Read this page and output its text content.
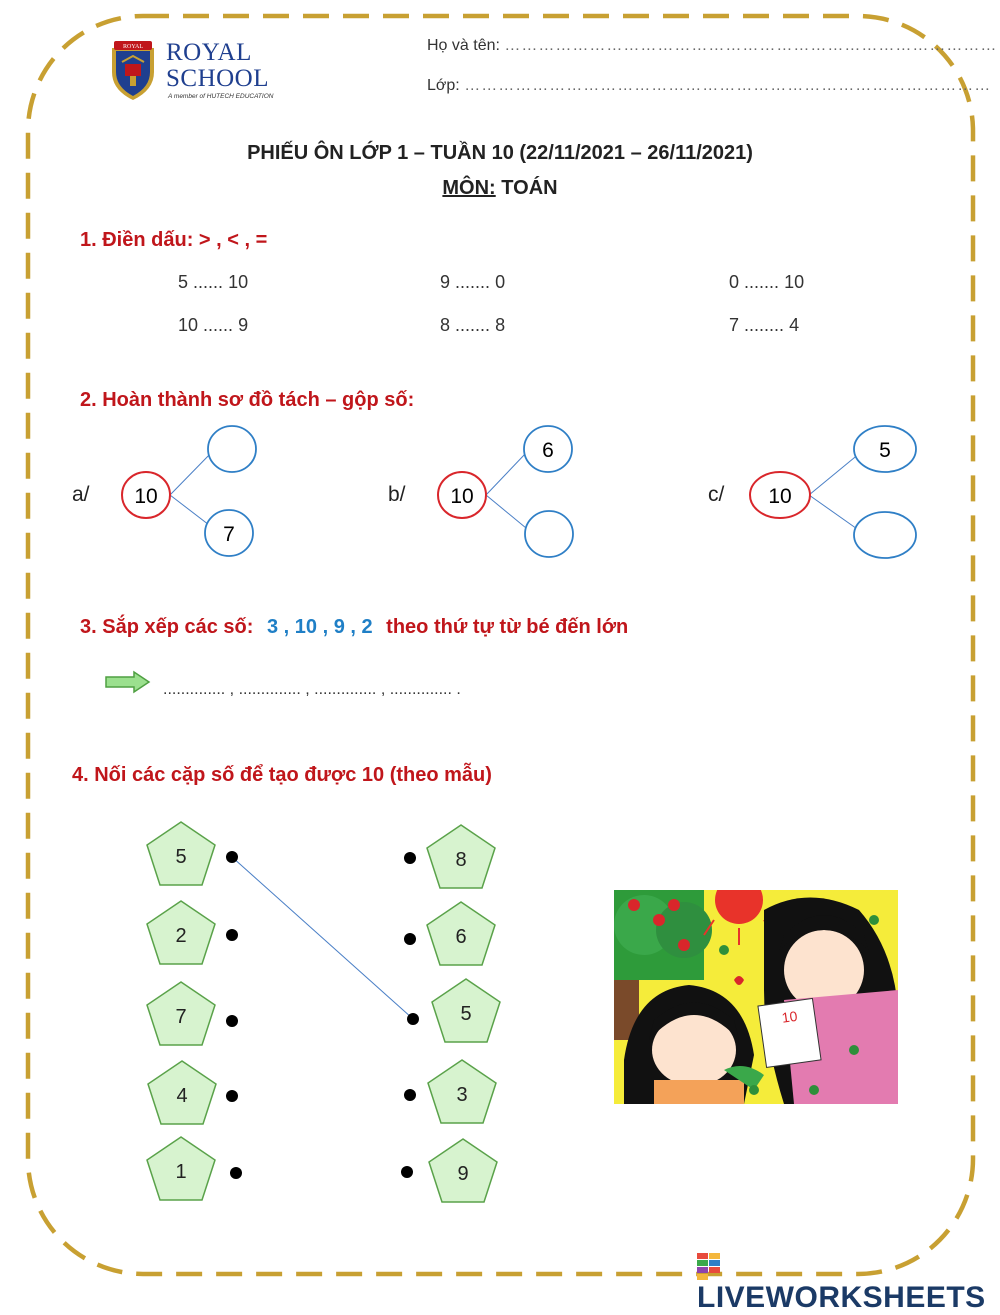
ROYAL ROYAL
SCHOOL
A member of HUTECH EDUCATION
Họ và tên: ……………………………………………………………………………
Lớp: …………………………………………………………………………………
PHIẾU ÔN LỚP 1 – TUẦN 10 (22/11/2021 – 26/11/2021)
MÔN: TOÁN
1. Điền dấu: > , < , =
5 ...... 10	9 ....... 0	0 ....... 10
10 ...... 9	8 ....... 8	7 ........ 4
2. Hoàn thành sơ đồ tách – gộp số:
a/ 10
7
b/ 10
6
c/ 10
5
3. Sắp xếp các số: 3 , 10 , 9 , 2 theo thứ tự từ bé đến lớn
.............. , .............. , .............. , .............. .
4. Nối các cặp số để tạo được 10 (theo mẫu)
5
2
7
4
1
8
6
5
3
9
10
LIVEWORKSHEETS
